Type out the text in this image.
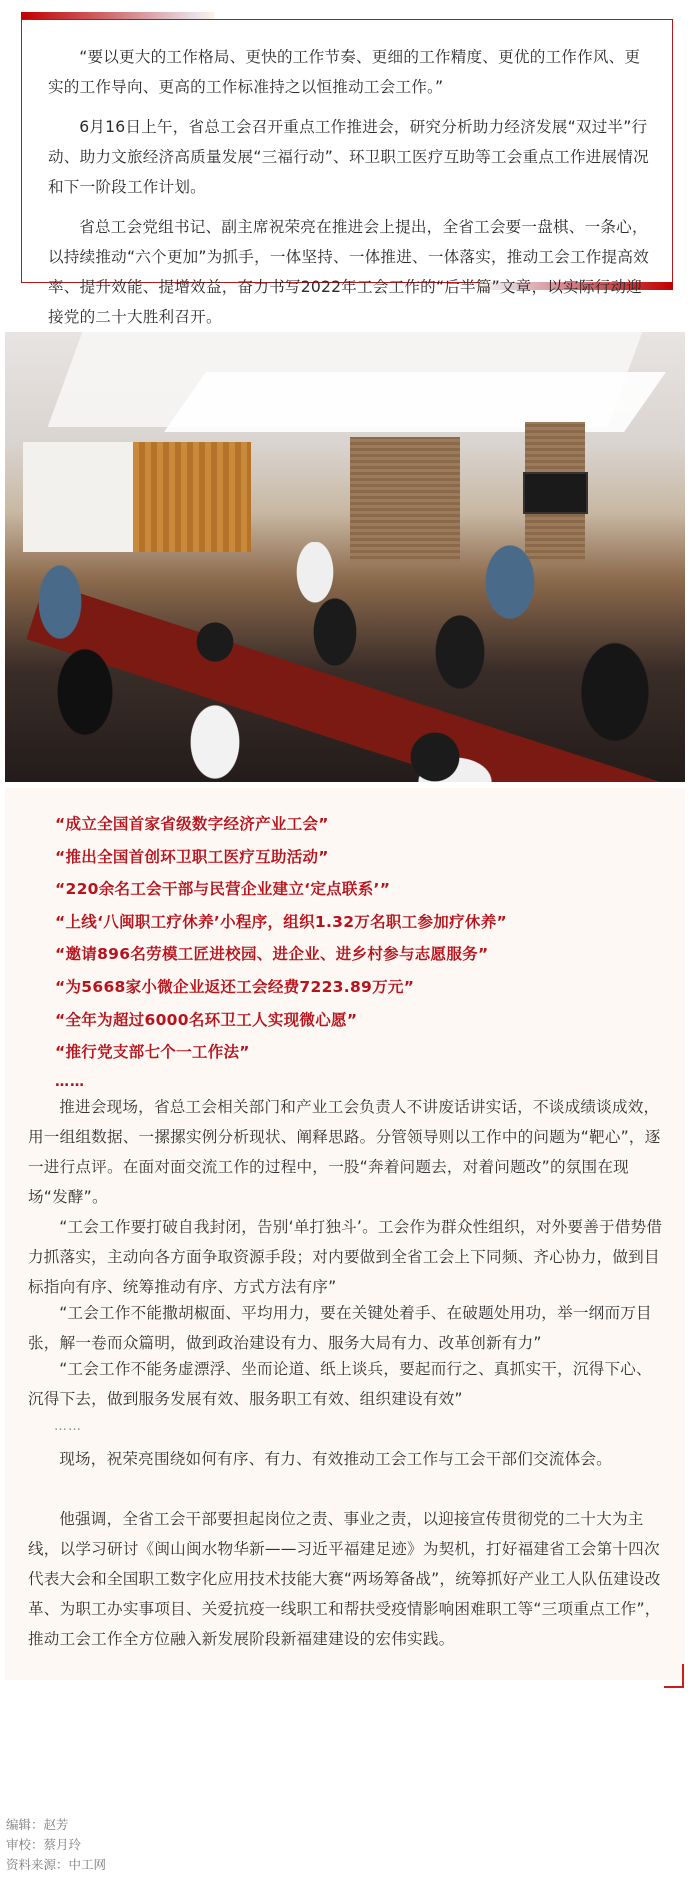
“要以更大的工作格局、更快的工作节奏、更细的工作精度、更优的工作作风、更实的工作导向、更高的工作标准持之以恒推动工会工作。”

6月16日上午，省总工会召开重点工作推进会，研究分析助力经济发展“双过半”行动、助力文旅经济高质量发展“三福行动”、环卫职工医疗互助等工会重点工作进展情况和下一阶段工作计划。

省总工会党组书记、副主席祝荣亮在推进会上提出，全省工会要一盘棋、一条心，以持续推动“六个更加”为抓手，一体坚持、一体推进、一体落实，推动工会工作提高效率、提升效能、提增效益，奋力书写2022年工会工作的“后半篇”文章，以实际行动迎接党的二十大胜利召开。

“成立全国首家省级数字经济产业工会”
“推出全国首创环卫职工医疗互助活动”
“220余名工会干部与民营企业建立‘定点联系’”
“上线‘八闽职工疗休养’小程序，组织1.32万名职工参加疗休养”
“邀请896名劳模工匠进校园、进企业、进乡村参与志愿服务”
“为5668家小微企业返还工会经费7223.89万元”
“全年为超过6000名环卫工人实现微心愿”
“推行党支部七个一工作法”
……

推进会现场，省总工会相关部门和产业工会负责人不讲废话讲实话，不谈成绩谈成效，用一组组数据、一摞摞实例分析现状、阐释思路。分管领导则以工作中的问题为“靶心”，逐一进行点评。在面对面交流工作的过程中，一股“奔着问题去，对着问题改”的氛围在现场“发酵”。

“工会工作要打破自我封闭，告别‘单打独斗’。工会作为群众性组织，对外要善于借势借力抓落实，主动向各方面争取资源手段；对内要做到全省工会上下同频、齐心协力，做到目标指向有序、统筹推动有序、方式方法有序”

“工会工作不能撒胡椒面、平均用力，要在关键处着手、在破题处用功，举一纲而万目张，解一卷而众篇明，做到政治建设有力、服务大局有力、改革创新有力”

“工会工作不能务虚漂浮、坐而论道、纸上谈兵，要起而行之、真抓实干，沉得下心、沉得下去，做到服务发展有效、服务职工有效、组织建设有效”

……

现场，祝荣亮围绕如何有序、有力、有效推动工会工作与工会干部们交流体会。

他强调，全省工会干部要担起岗位之责、事业之责，以迎接宣传贯彻党的二十大为主线，以学习研讨《闽山闽水物华新——习近平福建足迹》为契机，打好福建省工会第十四次代表大会和全国职工数字化应用技术技能大赛“两场筹备战”，统筹抓好产业工人队伍建设改革、为职工办实事项目、关爱抗疫一线职工和帮扶受疫情影响困难职工等“三项重点工作”，推动工会工作全方位融入新发展阶段新福建建设的宏伟实践。

编辑：赵芳
审校：蔡月玲
资料来源：中工网
